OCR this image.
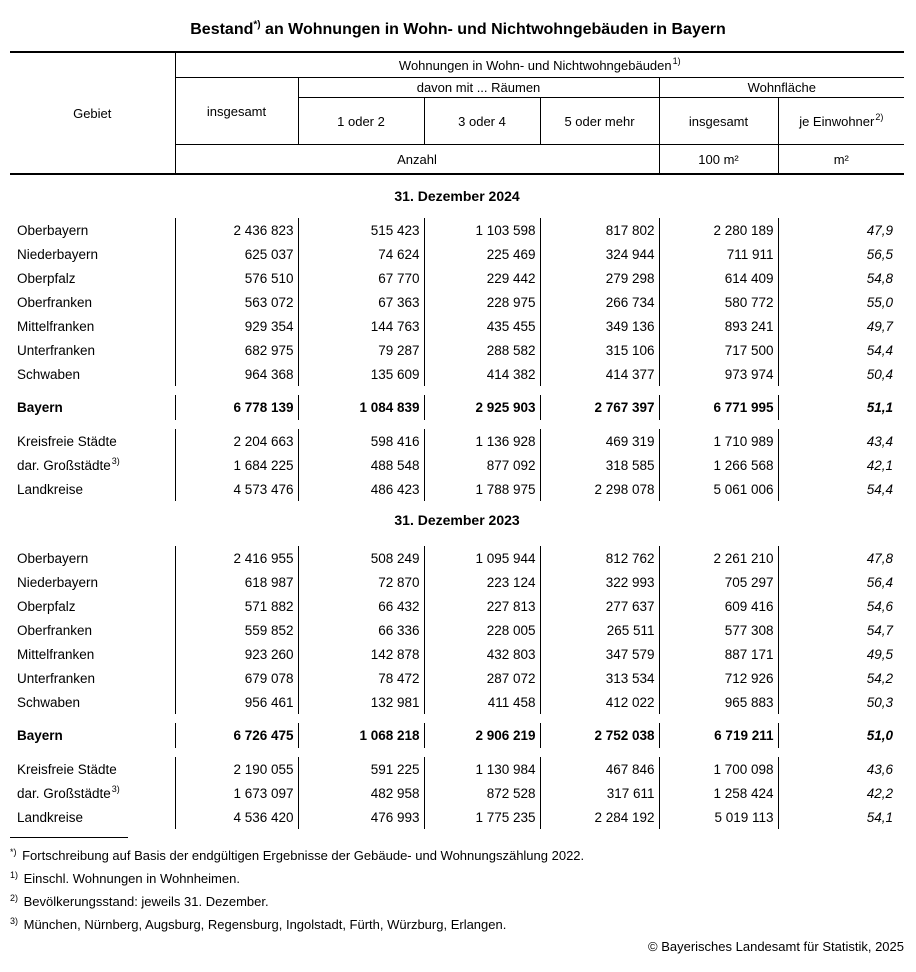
Bestand*) an Wohnungen in Wohn- und Nichtwohngebäuden in Bayern
Gebiet	Wohnungen in Wohn- und Nichtwohngebäuden$^{1)}$
	insgesamt	davon mit ... Räumen			Wohnfläche	
		1 oder 2	3 oder 4	5 oder mehr	insgesamt	je Einwohner$^{2)}$
	Anzahl				100 m²	m²

31. Dezember 2024						

Oberbayern	2 436 823	515 423	1 103 598	817 802	2 280 189	47,9
Niederbayern	625 037	74 624	225 469	324 944	711 911	56,5
Oberpfalz	576 510	67 770	229 442	279 298	614 409	54,8
Oberfranken	563 072	67 363	228 975	266 734	580 772	55,0
Mittelfranken	929 354	144 763	435 455	349 136	893 241	49,7
Unterfranken	682 975	79 287	288 582	315 106	717 500	54,4
Schwaben	964 368	135 609	414 382	414 377	973 974	50,4

Bayern	6 778 139	1 084 839	2 925 903	2 767 397	6 771 995	51,1

Kreisfreie Städte	2 204 663	598 416	1 136 928	469 319	1 710 989	43,4
dar. Großstädte$^{3)}$	1 684 225	488 548	877 092	318 585	1 266 568	42,1
Landkreise	4 573 476	486 423	1 788 975	2 298 078	5 061 006	54,4

31. Dezember 2023						

Oberbayern	2 416 955	508 249	1 095 944	812 762	2 261 210	47,8
Niederbayern	618 987	72 870	223 124	322 993	705 297	56,4
Oberpfalz	571 882	66 432	227 813	277 637	609 416	54,6
Oberfranken	559 852	66 336	228 005	265 511	577 308	54,7
Mittelfranken	923 260	142 878	432 803	347 579	887 171	49,5
Unterfranken	679 078	78 472	287 072	313 534	712 926	54,2
Schwaben	956 461	132 981	411 458	412 022	965 883	50,3

Bayern	6 726 475	1 068 218	2 906 219	2 752 038	6 719 211	51,0

Kreisfreie Städte	2 190 055	591 225	1 130 984	467 846	1 700 098	43,6
dar. Großstädte$^{3)}$	1 673 097	482 958	872 528	317 611	1 258 424	42,2
Landkreise	4 536 420	476 993	1 775 235	2 284 192	5 019 113	54,1
*) Fortschreibung auf Basis der endgültigen Ergebnisse der Gebäude- und Wohnungszählung 2022.
$^{1)}$ Einschl. Wohnungen in Wohnheimen.
$^{2)}$ Bevölkerungsstand: jeweils 31. Dezember.
$^{3)}$ München, Nürnberg, Augsburg, Regensburg, Ingolstadt, Fürth, Würzburg, Erlangen.
© Bayerisches Landesamt für Statistik, 2025
